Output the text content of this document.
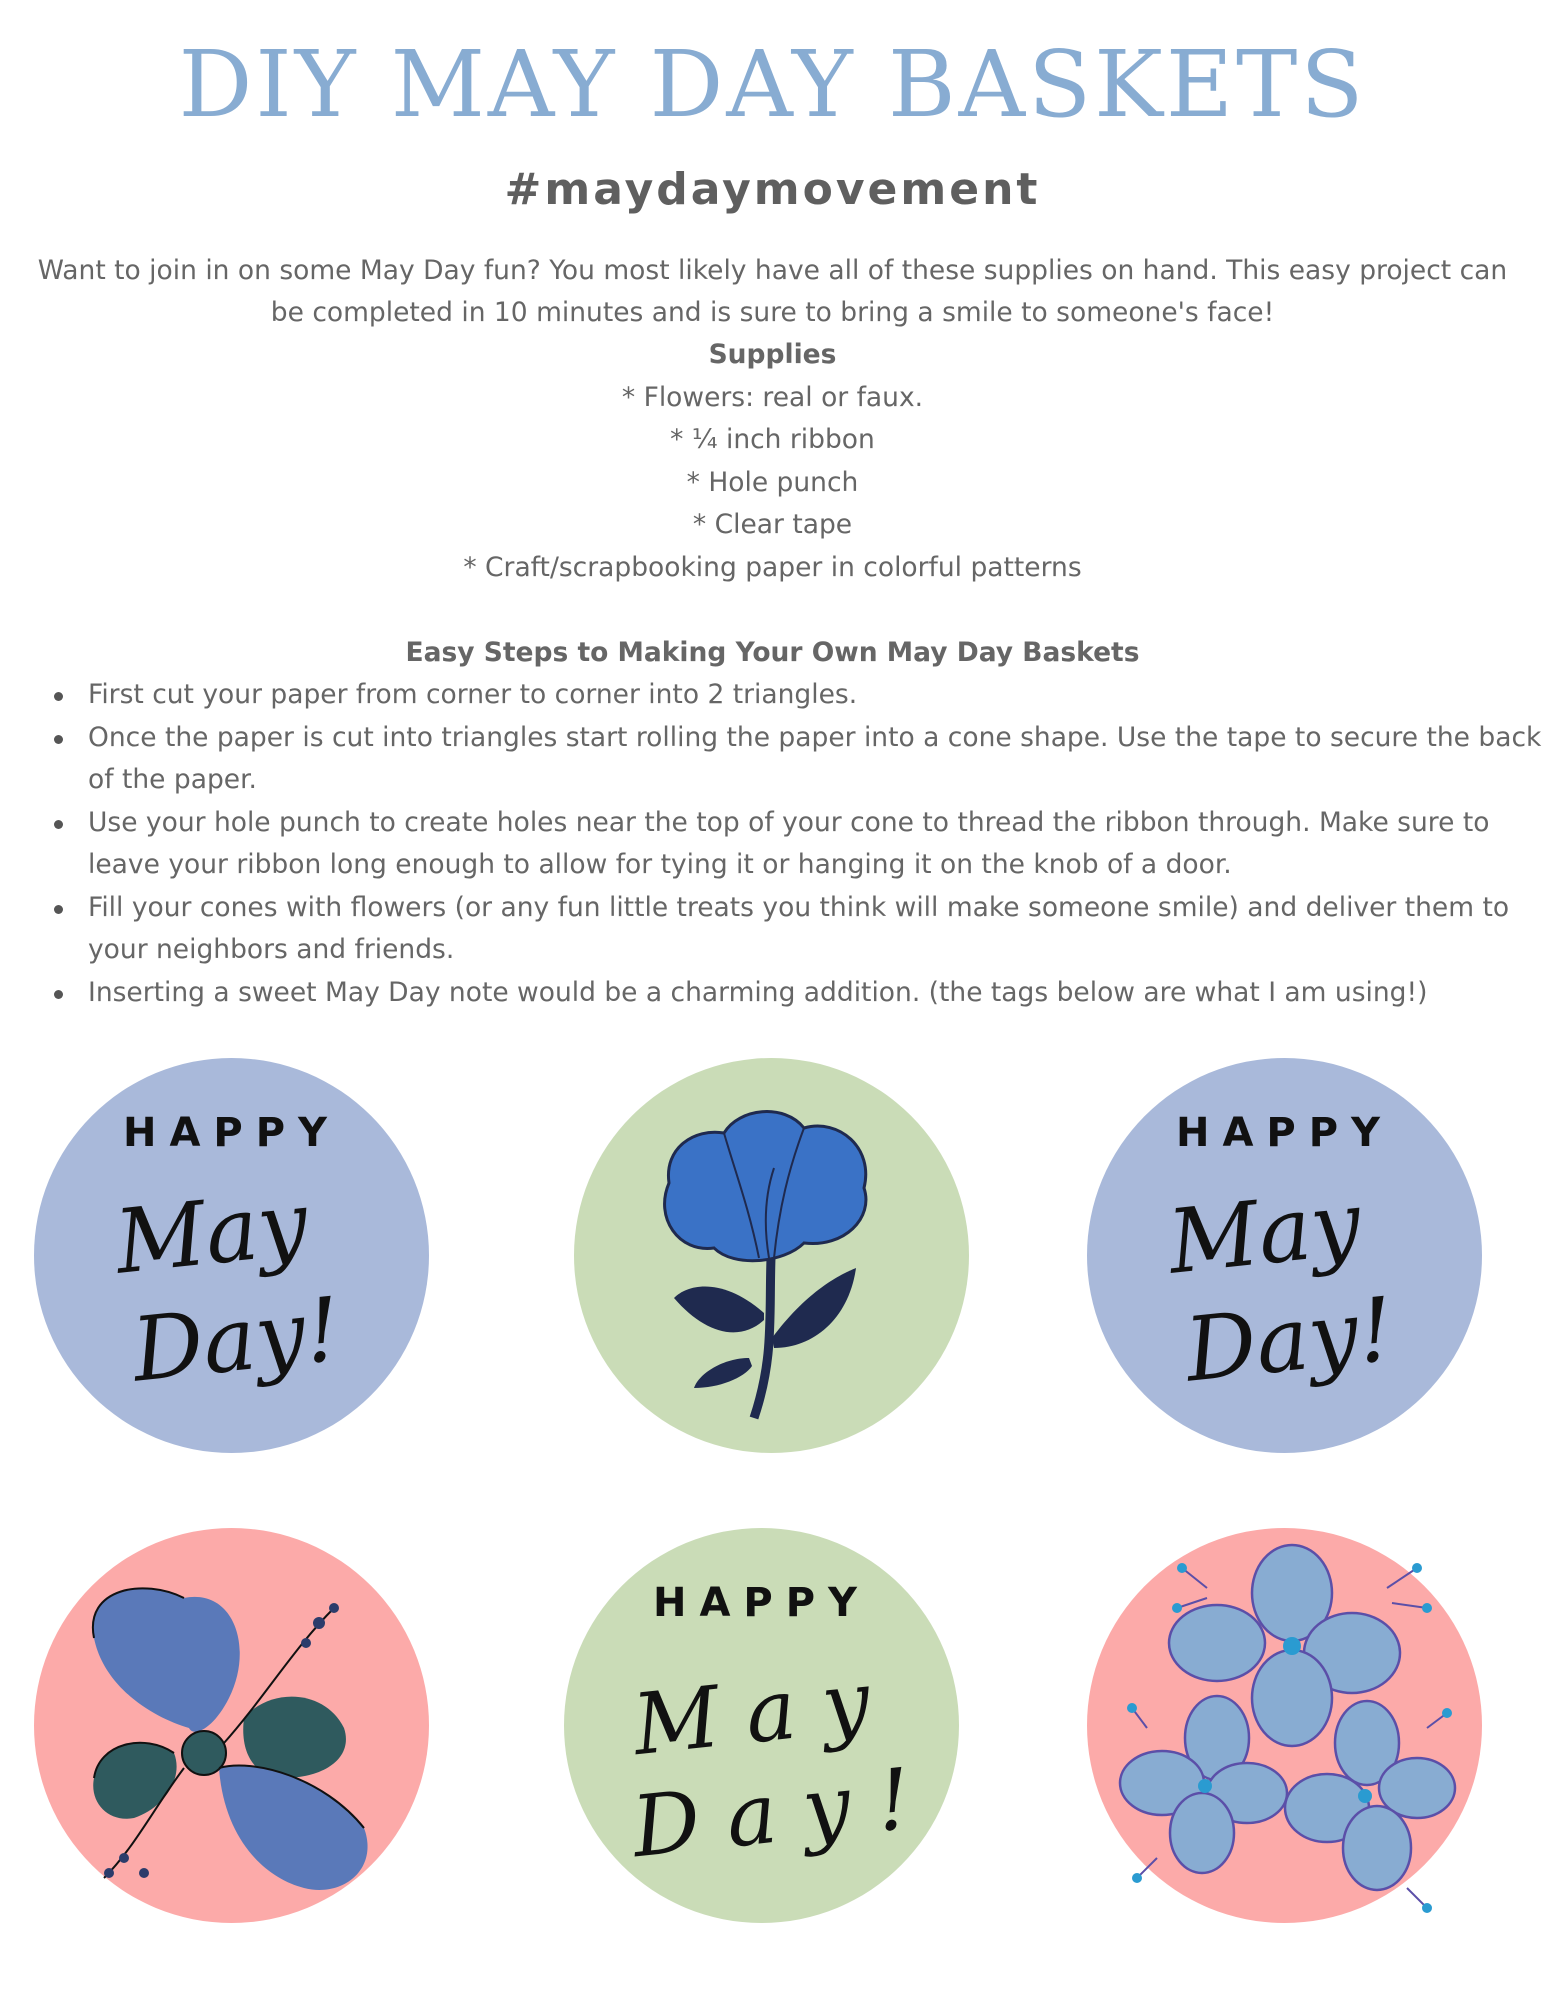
DIY MAY DAY BASKETS
#maydaymovement

Want to join in on some May Day fun? You most likely have all of these supplies on hand. This easy project can be completed in 10 minutes and is sure to bring a smile to someone's face!

Supplies
* Flowers: real or faux.
* ¼ inch ribbon
* Hole punch
* Clear tape
* Craft/scrapbooking paper in colorful patterns
Easy Steps to Making Your Own May Day Baskets
First cut your paper from corner to corner into 2 triangles.
Once the paper is cut into triangles start rolling the paper into a cone shape. Use the tape to secure the back of the paper.
Use your hole punch to create holes near the top of your cone to thread the ribbon through. Make sure to leave your ribbon long enough to allow for tying it or hanging it on the knob of a door.
Fill your cones with flowers (or any fun little treats you think will make someone smile) and deliver them to your neighbors and friends.
Inserting a sweet May Day note would be a charming addition. (the tags below are what I am using!)
HAPPY
May
Day!
HAPPY
May
Day!
HAPPY
M a y
D a y !
